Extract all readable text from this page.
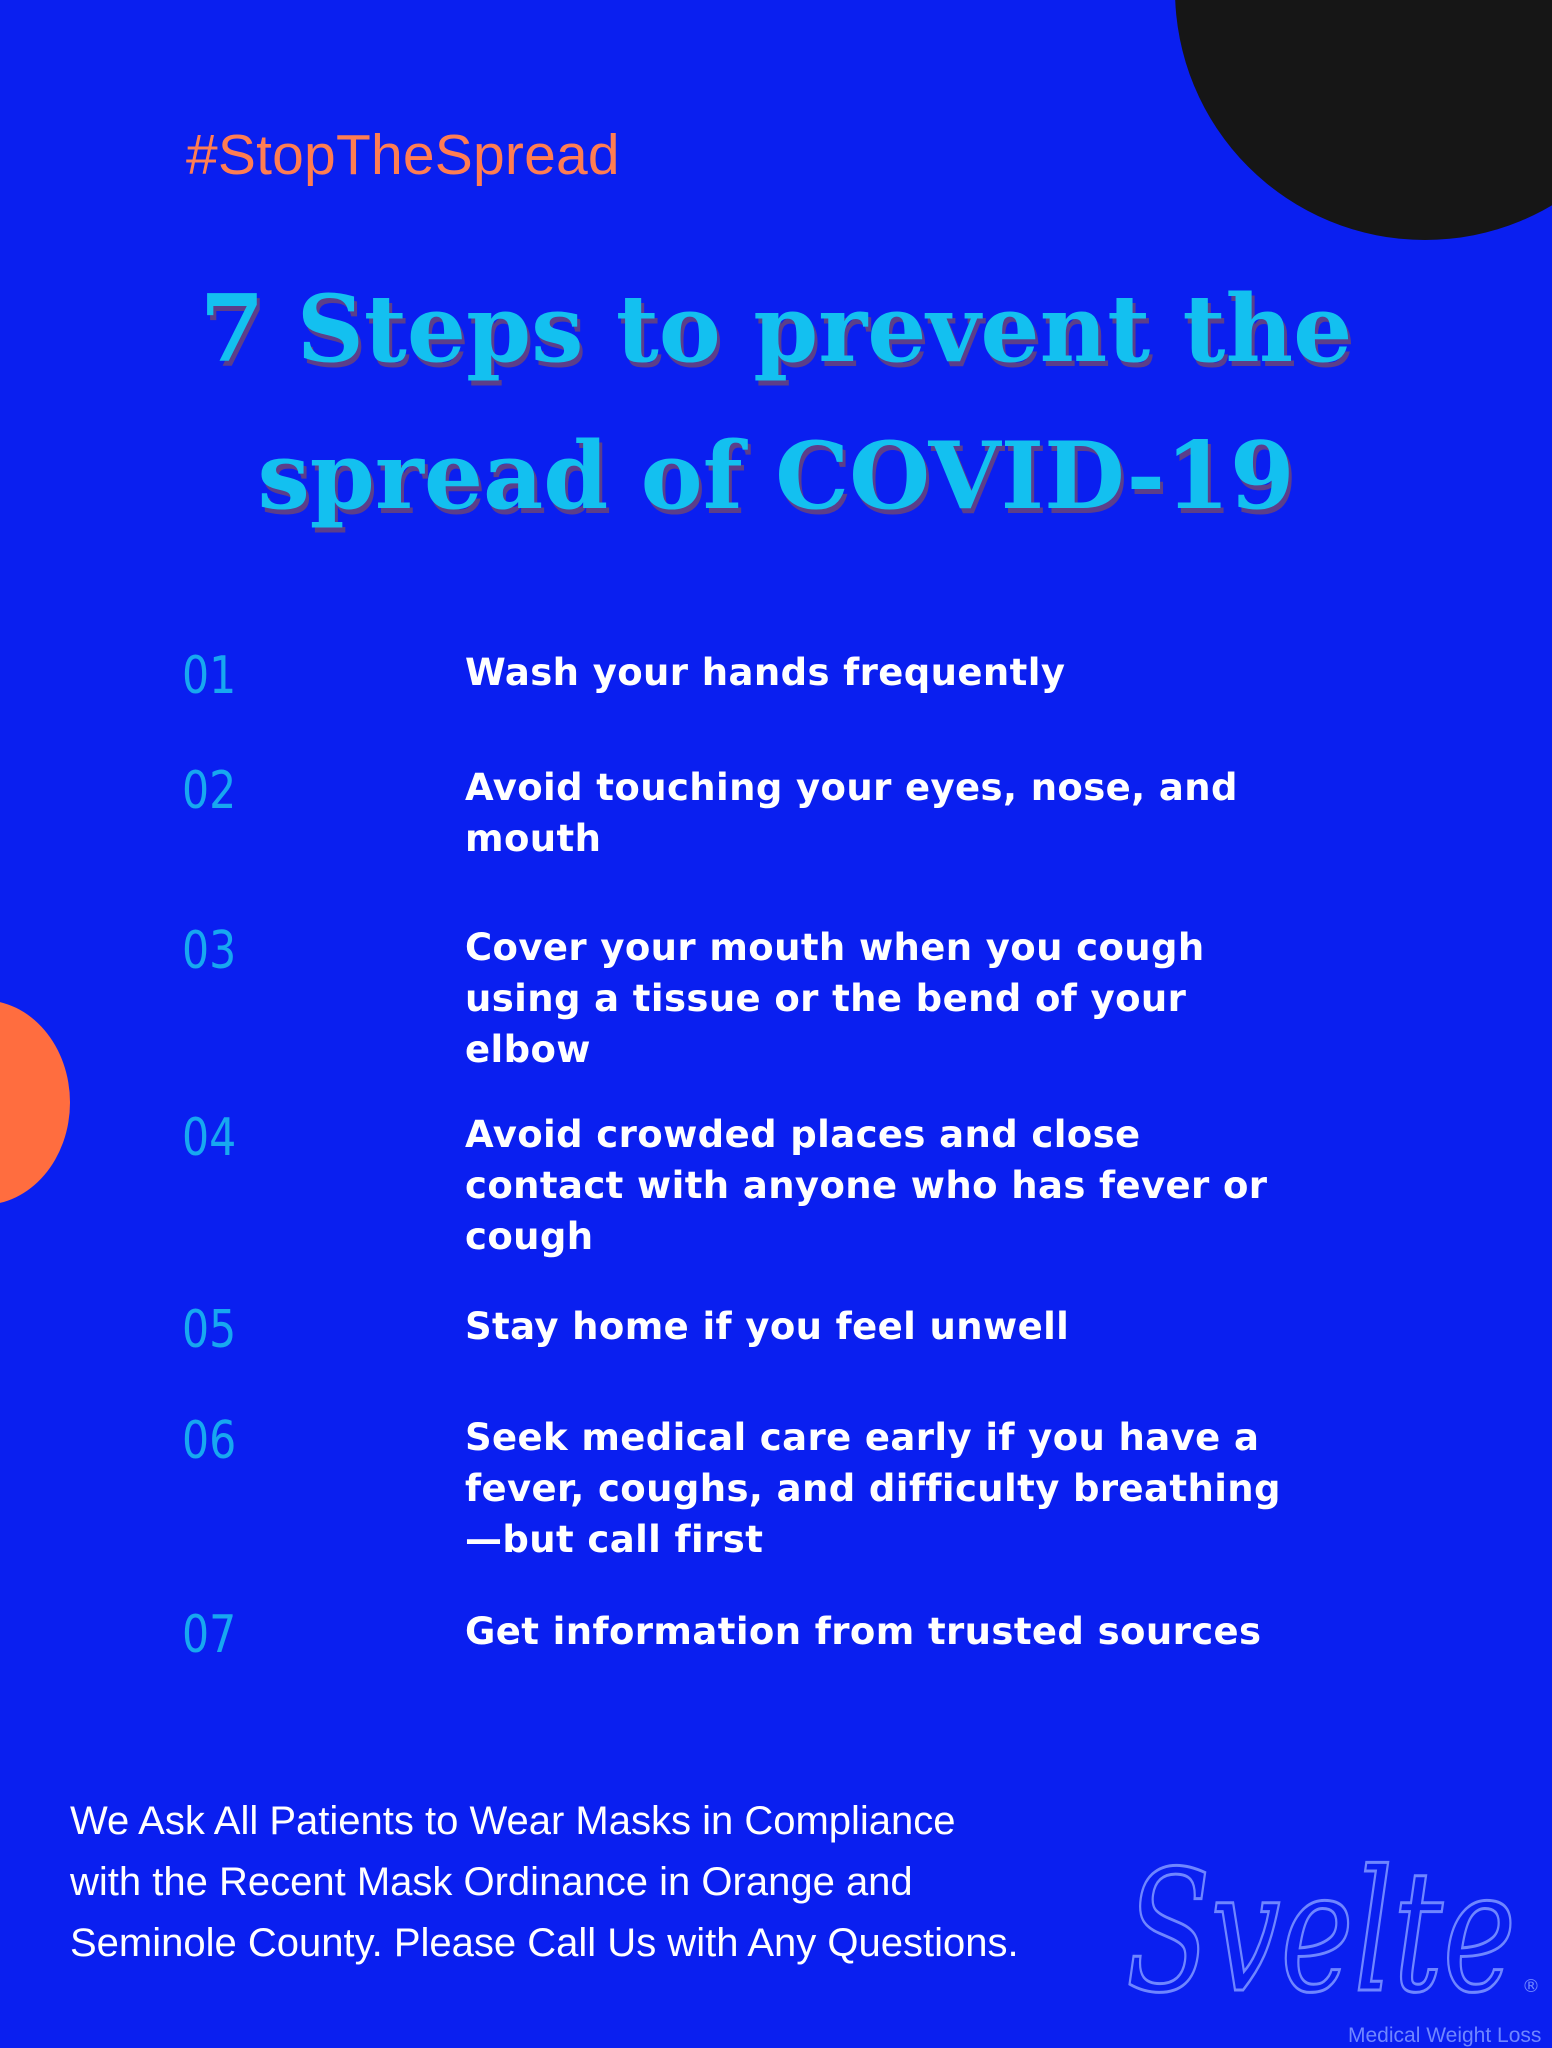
#StopTheSpread

7 Steps to prevent the
spread of COVID-19
01	Wash your hands frequently
02	Avoid touching your eyes, nose, and mouth
03	Cover your mouth when you cough using a tissue or the bend of your elbow
04	Avoid crowded places and close contact with anyone who has fever or cough
05	Stay home if you feel unwell
06	Seek medical care early if you have a fever, coughs, and difficulty breathing—but call first
07	Get information from trusted sources

We Ask All Patients to Wear Masks in Compliance
with the Recent Mask Ordinance in Orange and
Seminole County. Please Call Us with Any Questions. Svelte ®
Medical Weight Loss
